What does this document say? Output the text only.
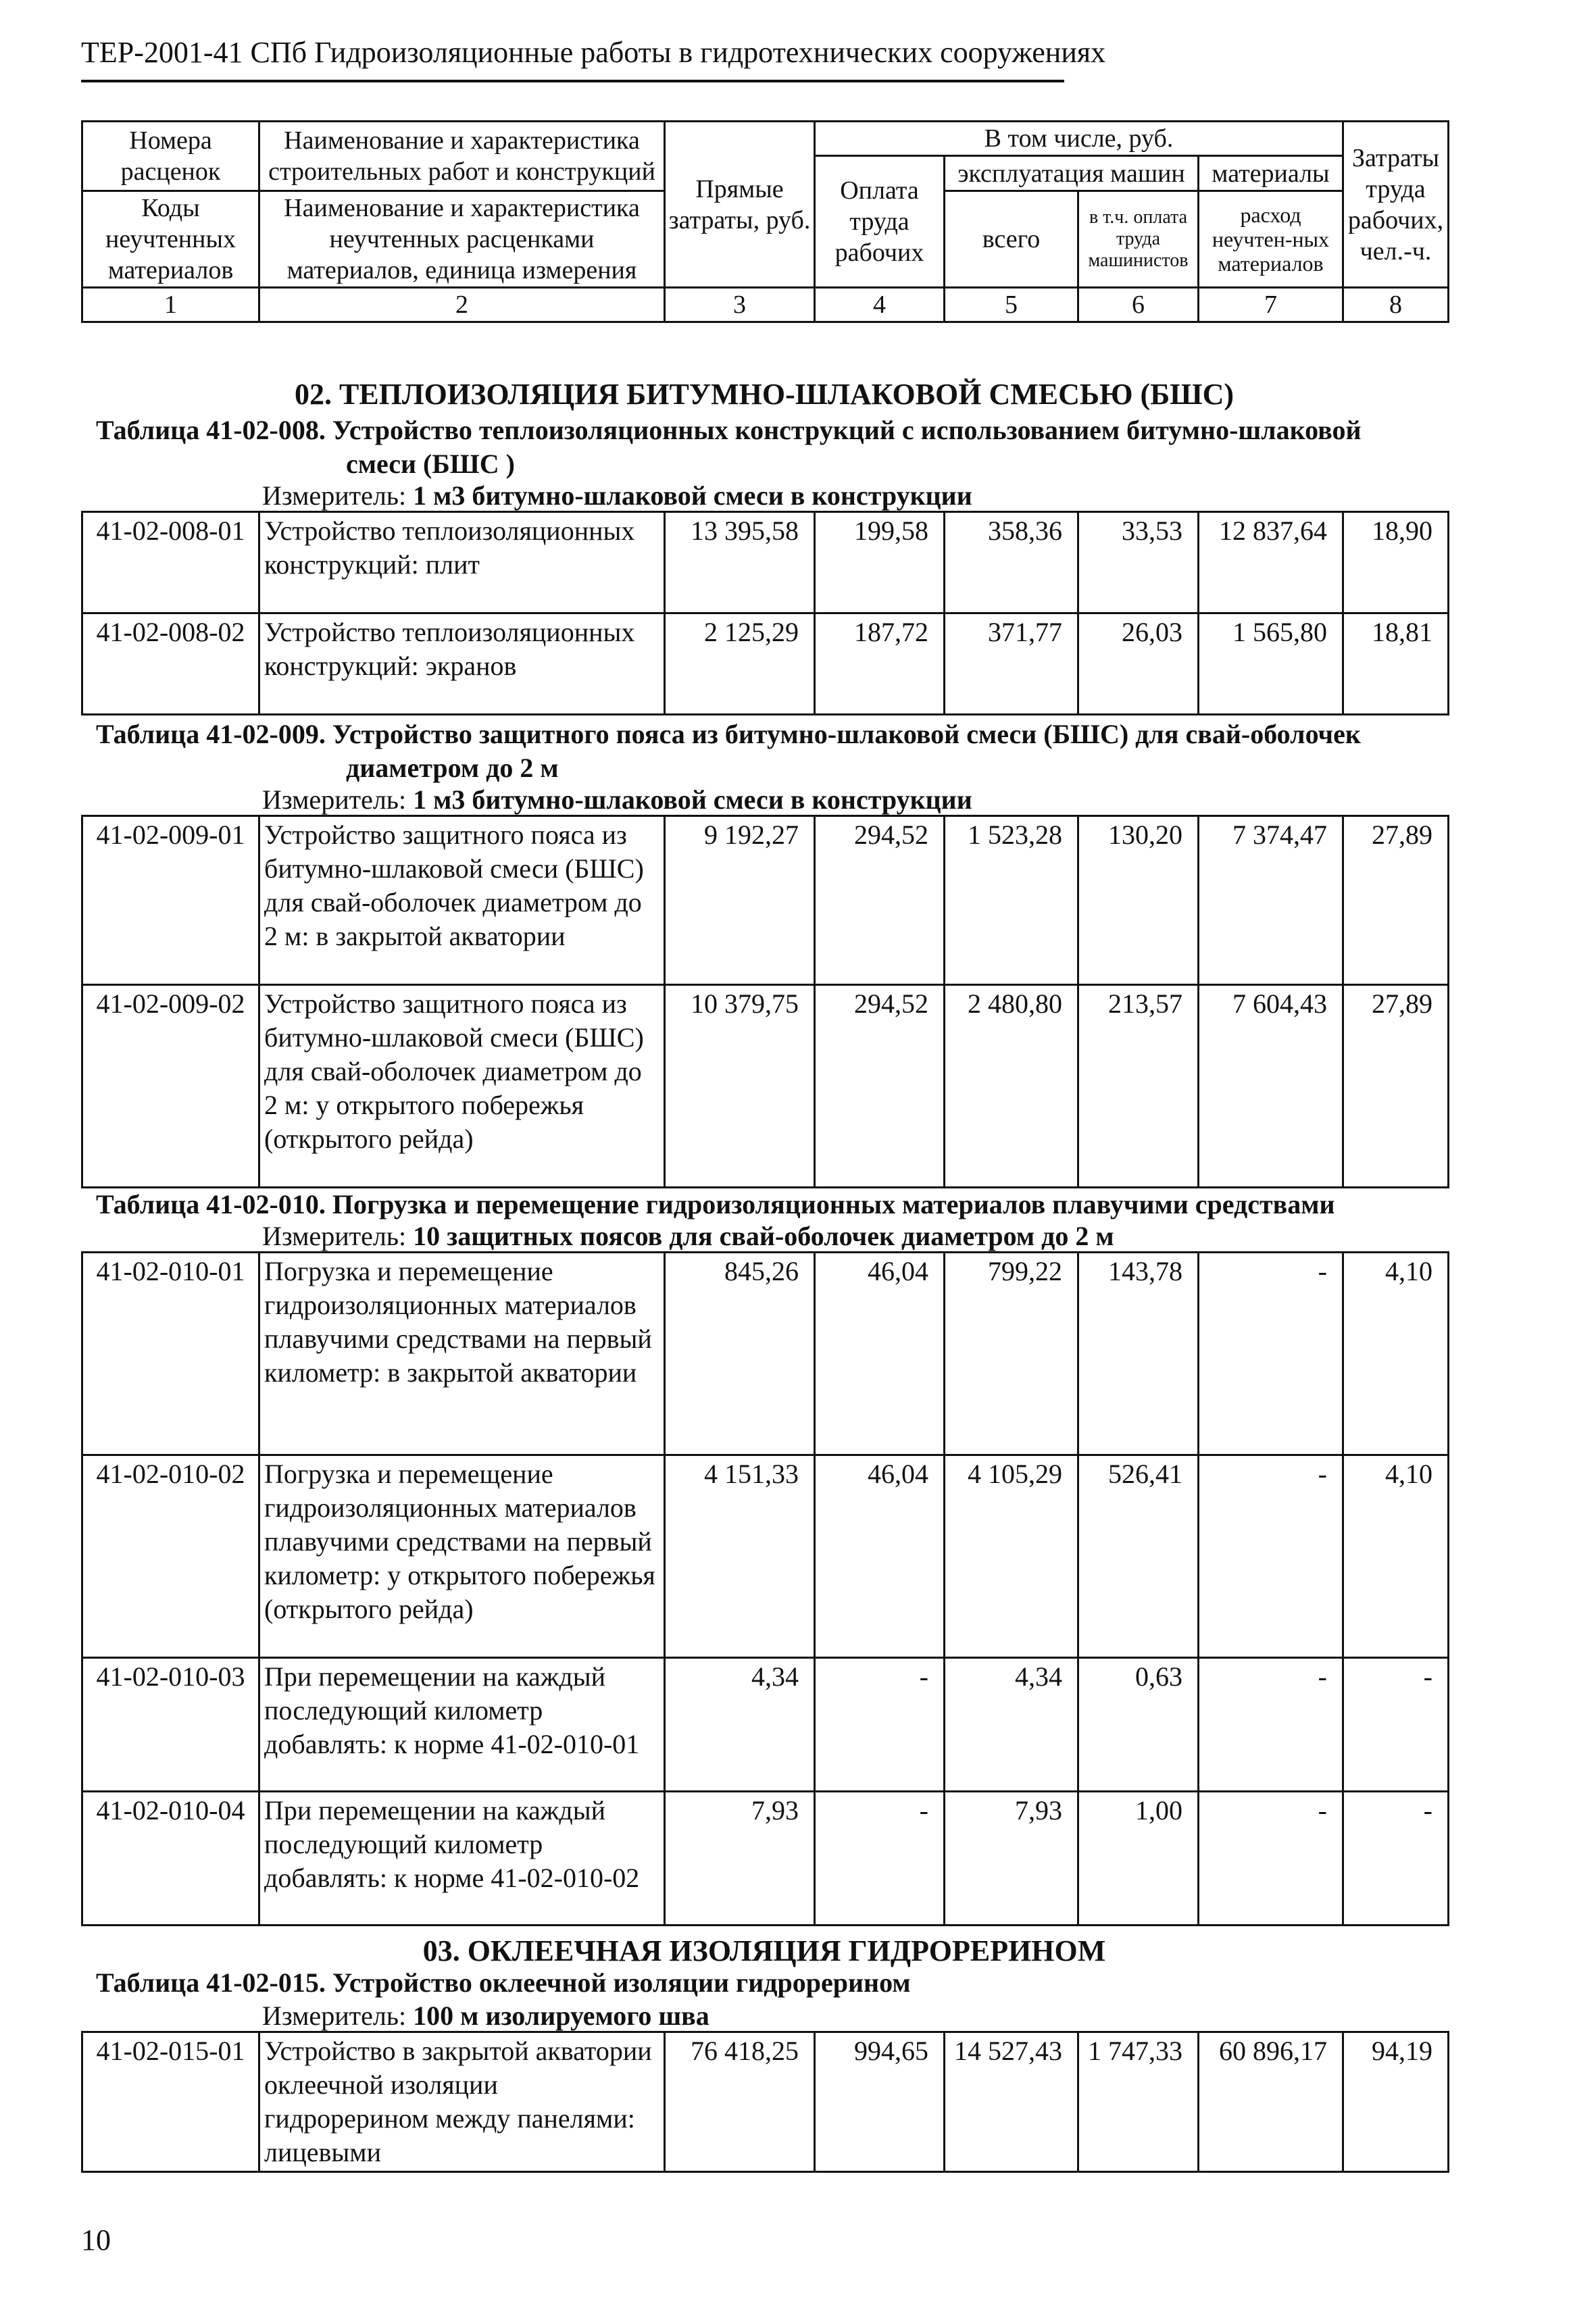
ТЕР-2001-41 СПб Гидроизоляционные работы в гидротехнических сооружениях
Номера расценок	Наименование и характеристика строительных работ и конструкций	Прямые затраты, руб.	В том числе, руб.				Затраты труда рабочих, чел.-ч.
			Оплата труда рабочих	эксплуатация машин		материалы	
Коды неучтенных материалов	Наименование и характеристика неучтенных расценками материалов, единица измерения			всего	в т.ч. оплата труда машинистов	расход неучтен-ных материалов	

1	2	3	4	5	6	7	8
02. ТЕПЛОИЗОЛЯЦИЯ БИТУМНО-ШЛАКОВОЙ СМЕСЬЮ (БШС)
Таблица 41-02-008. Устройство теплоизоляционных конструкций с использованием битумно-шлаковой
смеси (БШС )
Измеритель: 1 м3 битумно-шлаковой смеси в конструкции
41-02-008-01	Устройство теплоизоляционных конструкций: плит	13 395,58	199,58	358,36	33,53	12 837,64	18,90
41-02-008-02	Устройство теплоизоляционных конструкций: экранов	2 125,29	187,72	371,77	26,03	1 565,80	18,81
Таблица 41-02-009. Устройство защитного пояса из битумно-шлаковой смеси (БШС) для свай-оболочек
диаметром до 2 м
Измеритель: 1 м3 битумно-шлаковой смеси в конструкции
41-02-009-01	Устройство защитного пояса из битумно-шлаковой смеси (БШС) для свай-оболочек диаметром до 2 м: в закрытой акватории	9 192,27	294,52	1 523,28	130,20	7 374,47	27,89
41-02-009-02	Устройство защитного пояса из битумно-шлаковой смеси (БШС) для свай-оболочек диаметром до 2 м: у открытого побережья (открытого рейда)	10 379,75	294,52	2 480,80	213,57	7 604,43	27,89
Таблица 41-02-010. Погрузка и перемещение гидроизоляционных материалов плавучими средствами
Измеритель: 10 защитных поясов для свай-оболочек диаметром до 2 м
41-02-010-01	Погрузка и перемещение гидроизоляционных материалов плавучими средствами на первый километр: в закрытой акватории	845,26	46,04	799,22	143,78	-	4,10
41-02-010-02	Погрузка и перемещение гидроизоляционных материалов плавучими средствами на первый километр: у открытого побережья (открытого рейда)	4 151,33	46,04	4 105,29	526,41	-	4,10
41-02-010-03	При перемещении на каждый последующий километр добавлять: к норме 41-02-010-01	4,34	-	4,34	0,63	-	-
41-02-010-04	При перемещении на каждый последующий километр добавлять: к норме 41-02-010-02	7,93	-	7,93	1,00	-	-
03. ОКЛЕЕЧНАЯ ИЗОЛЯЦИЯ ГИДРОРЕРИНОМ
Таблица 41-02-015. Устройство оклеечной изоляции гидрорерином
Измеритель: 100 м изолируемого шва
41-02-015-01	Устройство в закрытой акватории оклеечной изоляции гидрорерином между панелями: лицевыми	76 418,25	994,65	14 527,43	1 747,33	60 896,17	94,19
10
